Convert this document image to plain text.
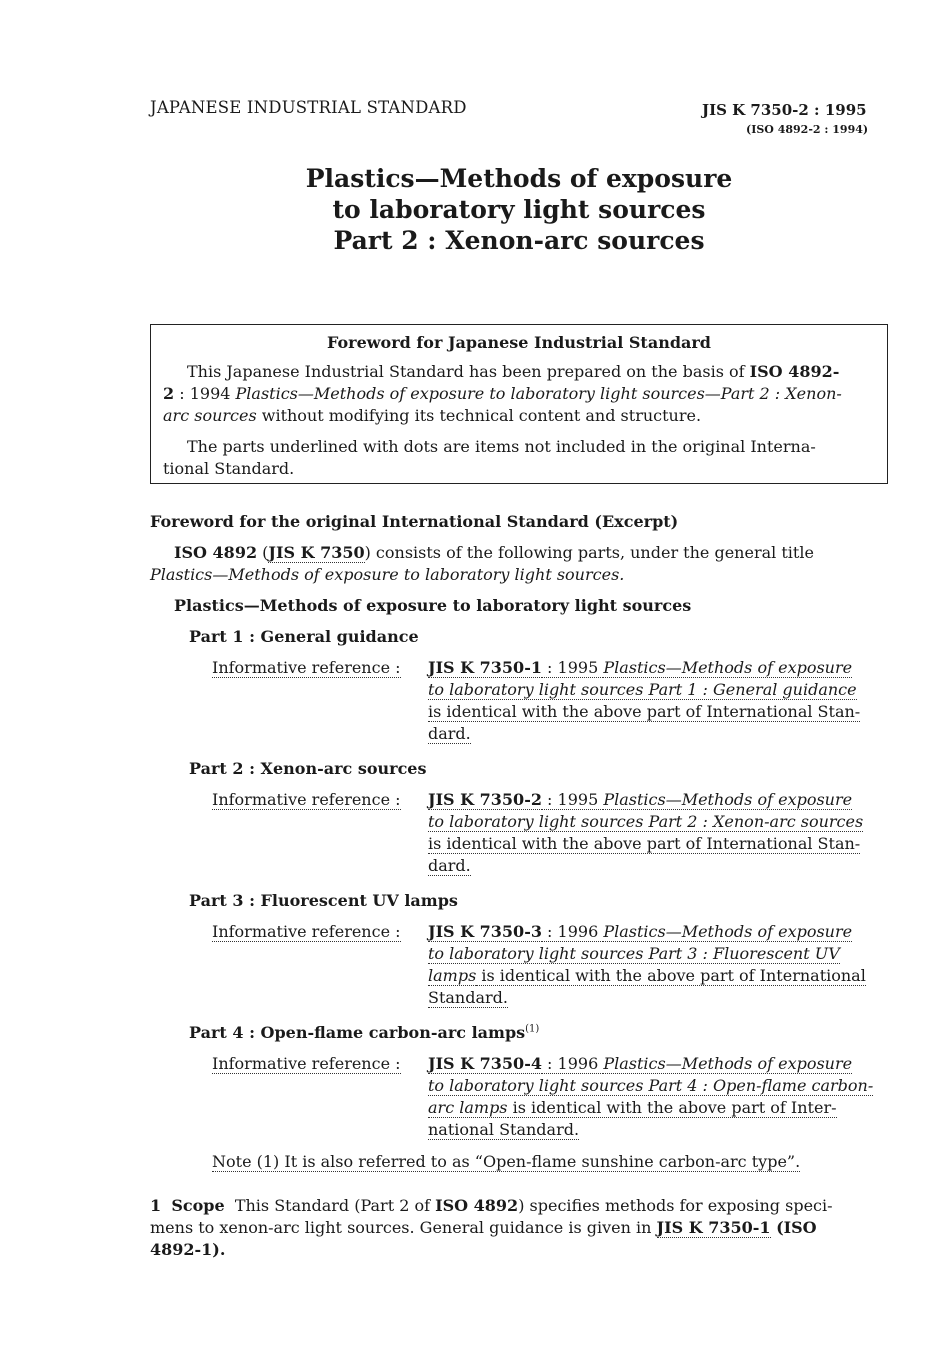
JAPANESE INDUSTRIAL STANDARD	JIS K 7350-2 : 1995
(ISO 4892-2 : 1994)
Plastics—Methods of exposure
to laboratory light sources
Part 2 : Xenon-arc sources
Foreword for Japanese Industrial Standard
This Japanese Industrial Standard has been prepared on the basis of ISO 4892-
2 : 1994 Plastics—Methods of exposure to laboratory light sources—Part 2 : Xenon-
arc sources without modifying its technical content and structure.
The parts underlined with dots are items not included in the original Interna-
tional Standard.
Foreword for the original International Standard (Excerpt)
ISO 4892 (JIS K 7350) consists of the following parts, under the general title
Plastics—Methods of exposure to laboratory light sources.
Plastics—Methods of exposure to laboratory light sources
Part 1 : General guidance
Informative reference : JIS K 7350-1 : 1995 Plastics—Methods of exposure
to laboratory light sources Part 1 : General guidance
is identical with the above part of International Stan-
dard.
Part 2 : Xenon-arc sources
Informative reference : JIS K 7350-2 : 1995 Plastics—Methods of exposure
to laboratory light sources Part 2 : Xenon-arc sources
is identical with the above part of International Stan-
dard.
Part 3 : Fluorescent UV lamps
Informative reference : JIS K 7350-3 : 1996 Plastics—Methods of exposure
to laboratory light sources Part 3 : Fluorescent UV
lamps is identical with the above part of International
Standard.
Part 4 : Open-flame carbon-arc lamps$^{(1)}$
Informative reference : JIS K 7350-4 : 1996 Plastics—Methods of exposure
to laboratory light sources Part 4 : Open-flame carbon-
arc lamps is identical with the above part of Inter-
national Standard.
Note (1) It is also referred to as “Open-flame sunshine carbon-arc type”.
1 Scope This Standard (Part 2 of ISO 4892) specifies methods for exposing speci-
mens to xenon-arc light sources. General guidance is given in JIS K 7350-1 (ISO
4892-1).
